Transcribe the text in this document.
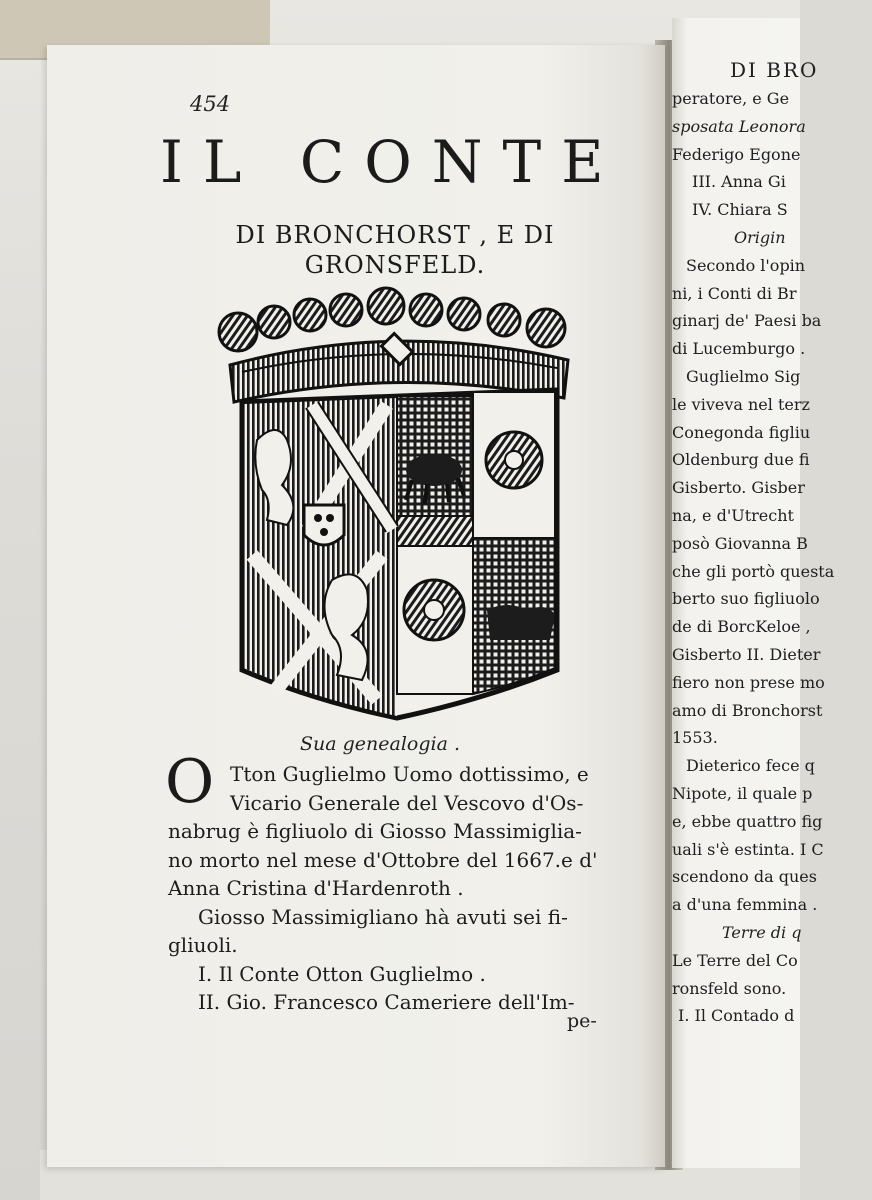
DI BRO
peratore, e Ge
sposata Leonora
Federigo Egone
III. Anna Gi
IV. Chiara S
Origin
Secondo l'opin
ni, i Conti di Br
ginarj de' Paesi ba
di Lucemburgo .
Guglielmo Sig
le viveva nel terz
Conegonda figliu
Oldenburg due fi
Gisberto. Gisber
na, e d'Utrecht
posò Giovanna B
che gli portò questa
berto suo figliuolo
de di BorcKeloe ,
Gisberto II. Dieter
fiero non prese mo
amo di Bronchorst
1553.
Dieterico fece q
Nipote, il quale p
e, ebbe quattro fig
uali s'è estinta. I C
scendono da ques
a d'una femmina .
Terre di q
Le Terre del Co
ronsfeld sono.
I. Il Contado d
454
IL CONTE
DI BRONCHORST , E DI
GRONSFELD.
Sua genealogia .
O Tton Guglielmo Uomo dottissimo, e
Vicario Generale del Vescovo d'Os-
nabrug è figliuolo di Giosso Massimiglia-
no morto nel mese d'Ottobre del 1667.e d'
Anna Cristina d'Hardenroth .
Giosso Massimigliano hà avuti sei fi-
gliuoli.
I. Il Conte Otton Guglielmo .
II. Gio. Francesco Cameriere dell'Im-
pe-
